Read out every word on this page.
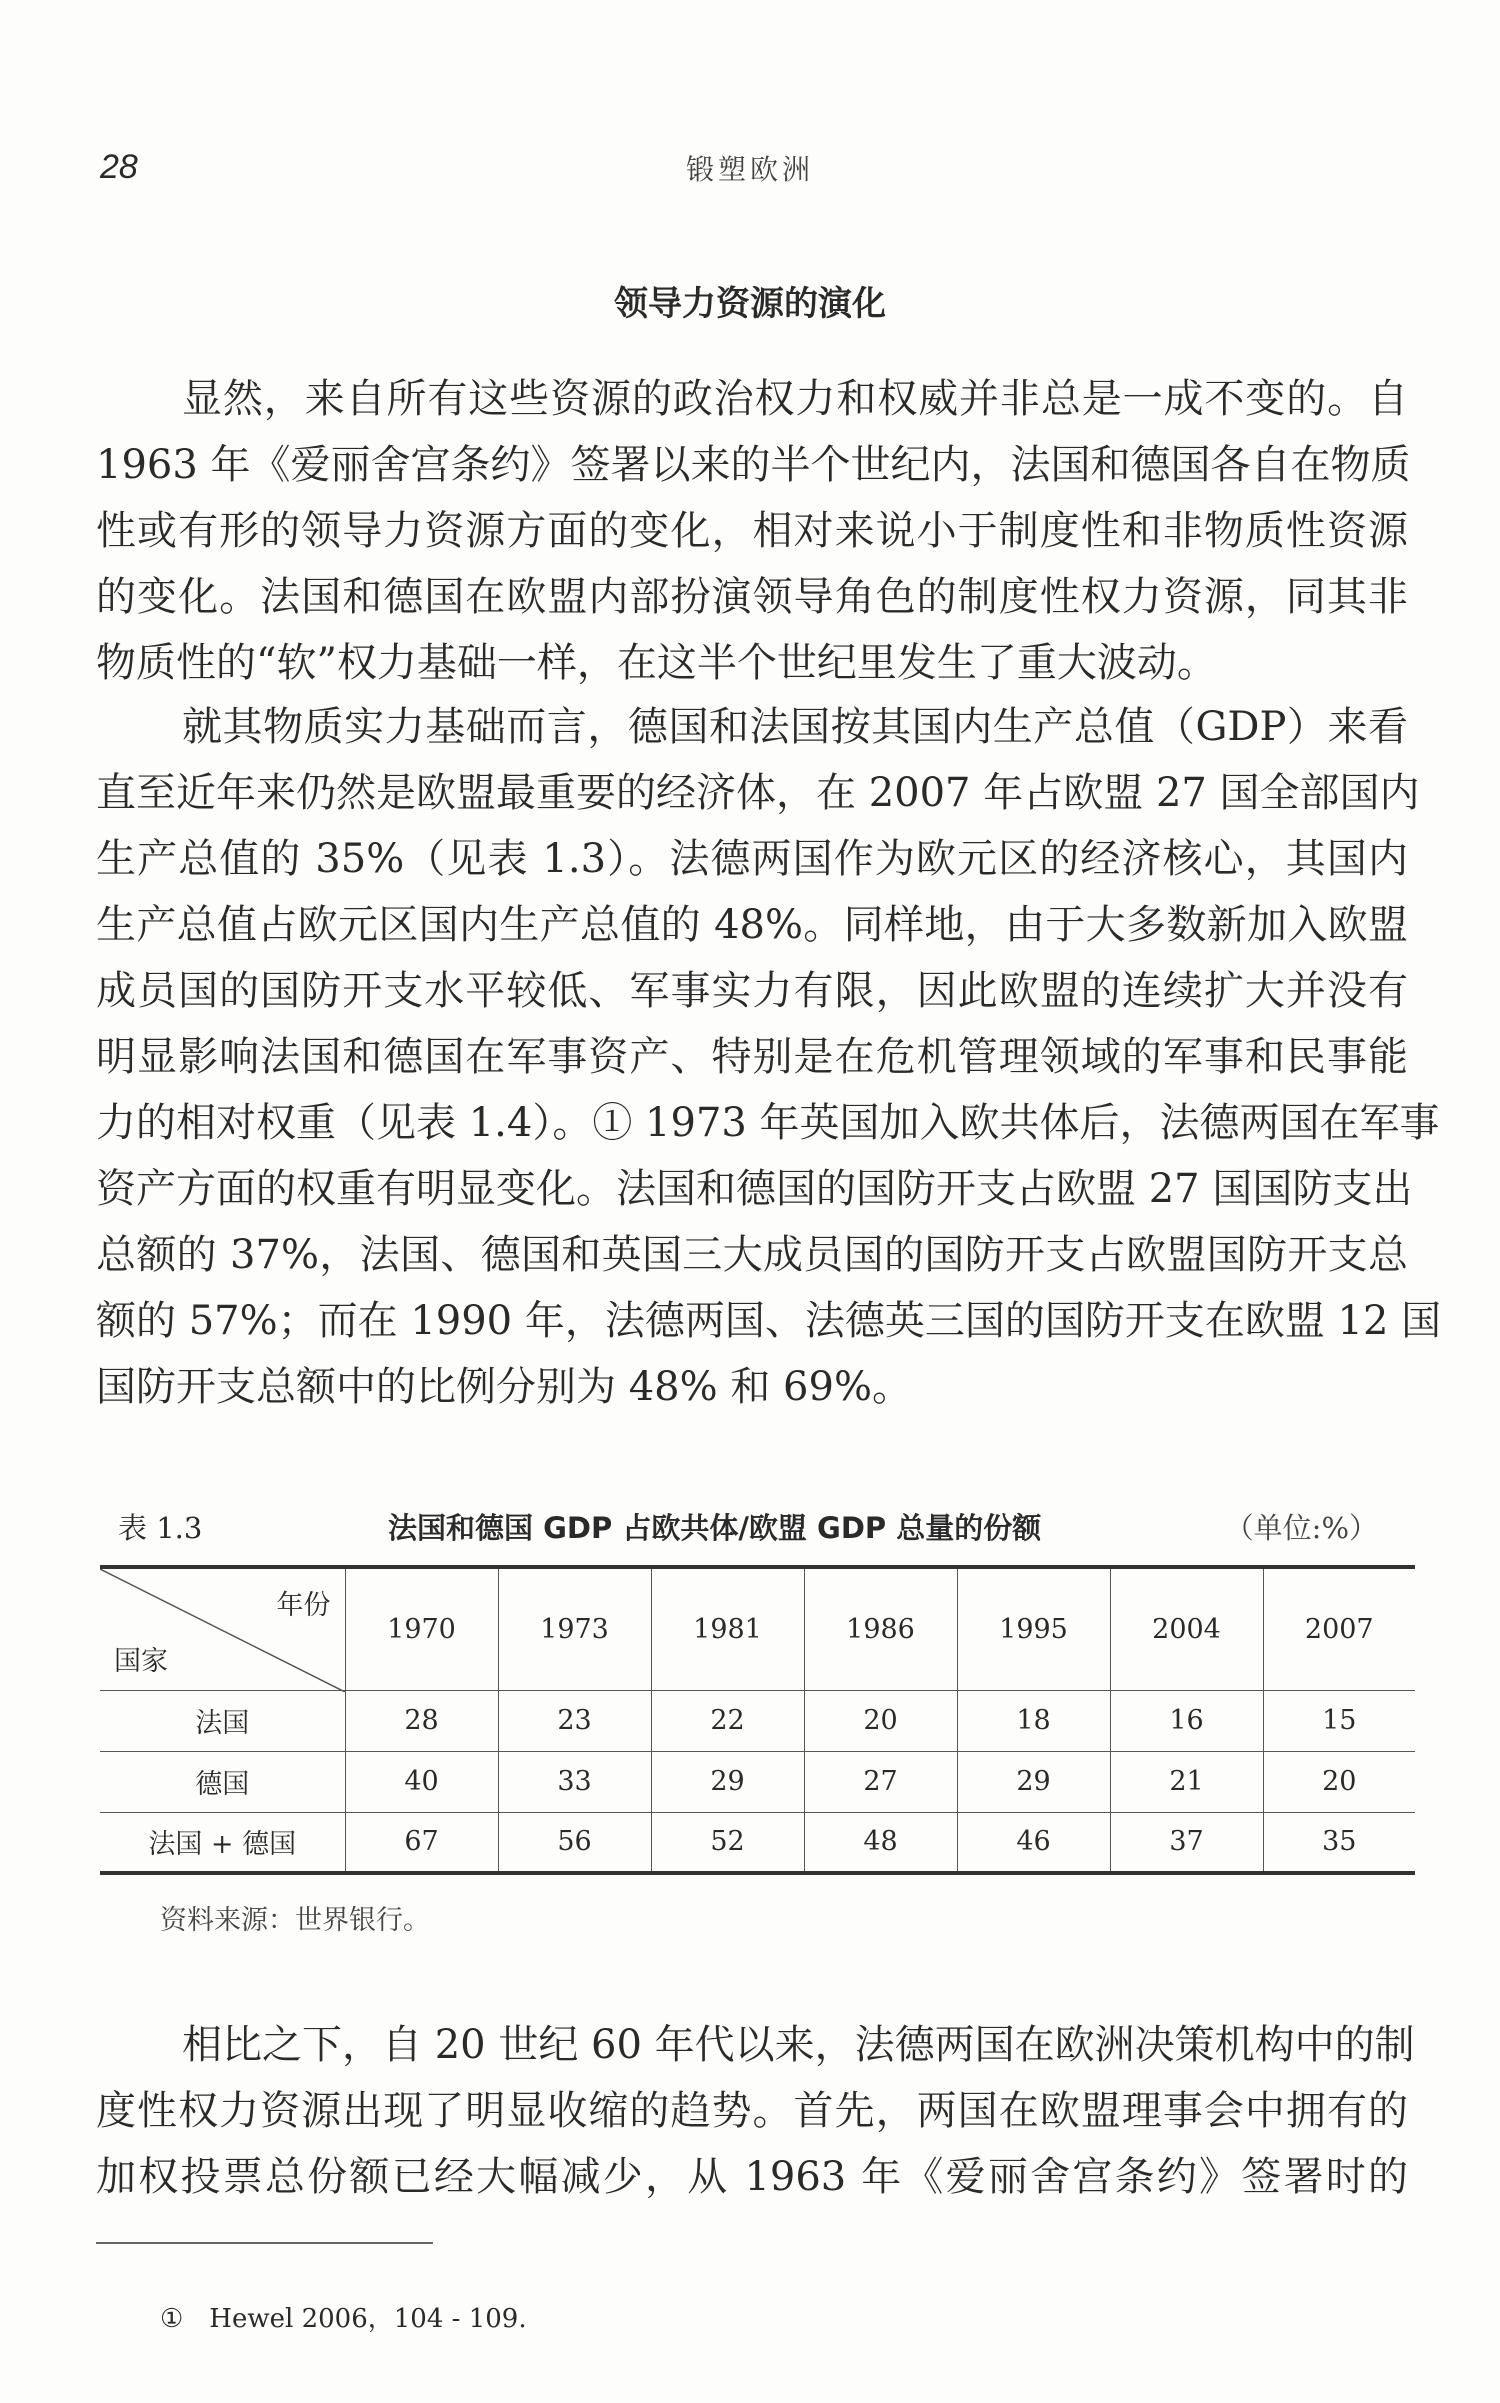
28	锻塑欧洲
领导力资源的演化
显然，来自所有这些资源的政治权力和权威并非总是一成不变的。自
1963 年《爱丽舍宫条约》签署以来的半个世纪内，法国和德国各自在物质
性或有形的领导力资源方面的变化，相对来说小于制度性和非物质性资源
的变化。法国和德国在欧盟内部扮演领导角色的制度性权力资源，同其非
物质性的“软”权力基础一样，在这半个世纪里发生了重大波动。
就其物质实力基础而言，德国和法国按其国内生产总值（GDP）来看
直至近年来仍然是欧盟最重要的经济体，在 2007 年占欧盟 27 国全部国内
生产总值的 35%（见表 1.3）。法德两国作为欧元区的经济核心，其国内
生产总值占欧元区国内生产总值的 48%。同样地，由于大多数新加入欧盟
成员国的国防开支水平较低、军事实力有限，因此欧盟的连续扩大并没有
明显影响法国和德国在军事资产、特别是在危机管理领域的军事和民事能
力的相对权重（见表 1.4）。① 1973 年英国加入欧共体后，法德两国在军事
资产方面的权重有明显变化。法国和德国的国防开支占欧盟 27 国国防支出
总额的 37%，法国、德国和英国三大成员国的国防开支占欧盟国防开支总
额的 57%；而在 1990 年，法德两国、法德英三国的国防开支在欧盟 12 国
国防开支总额中的比例分别为 48% 和 69%。
表 1.3	法国和德国 GDP 占欧共体/欧盟 GDP 总量的份额	（单位:%）
年份
国家	1970	1973	1981	1986	1995	2004	2007
法国	28	23	22	20	18	16	15
德国	40	33	29	27	29	21	20
法国 + 德国	67	56	52	48	46	37	35
资料来源：世界银行。
相比之下，自 20 世纪 60 年代以来，法德两国在欧洲决策机构中的制
度性权力资源出现了明显收缩的趋势。首先，两国在欧盟理事会中拥有的
加权投票总份额已经大幅减少，从 1963 年《爱丽舍宫条约》签署时的
①　Hewel 2006，104 - 109.
